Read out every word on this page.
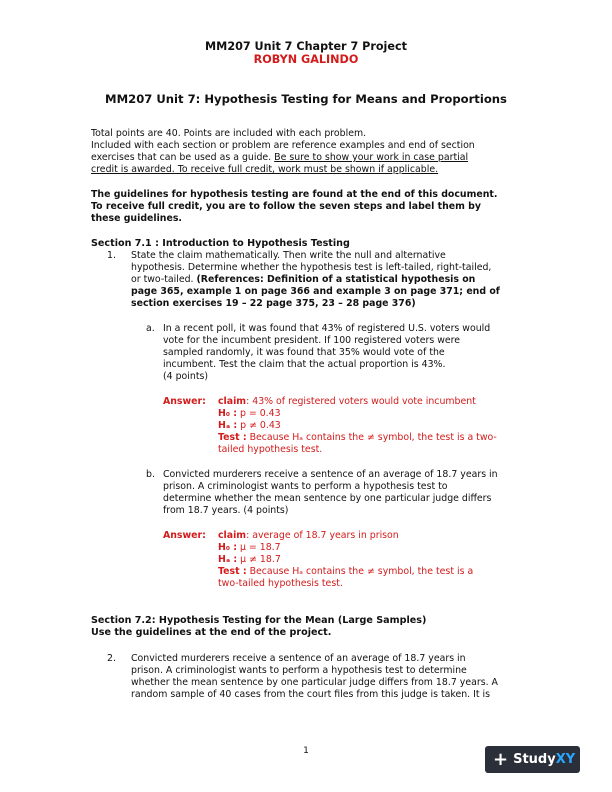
MM207 Unit 7 Chapter 7 Project
ROBYN GALINDO
MM207 Unit 7: Hypothesis Testing for Means and Proportions
Total points are 40. Points are included with each problem.
Included with each section or problem are reference examples and end of section
exercises that can be used as a guide. Be sure to show your work in case partial
credit is awarded. To receive full credit, work must be shown if applicable.
The guidelines for hypothesis testing are found at the end of this document.
To receive full credit, you are to follow the seven steps and label them by
these guidelines.
Section 7.1 : Introduction to Hypothesis Testing
1. State the claim mathematically. Then write the null and alternative
hypothesis. Determine whether the hypothesis test is left-tailed, right-tailed,
or two-tailed. (References: Definition of a statistical hypothesis on
page 365, example 1 on page 366 and example 3 on page 371; end of
section exercises 19 – 22 page 375, 23 – 28 page 376)
a. In a recent poll, it was found that 43% of registered U.S. voters would
vote for the incumbent president. If 100 registered voters were
sampled randomly, it was found that 35% would vote of the
incumbent. Test the claim that the actual proportion is 43%.
(4 points)
Answer: claim: 43% of registered voters would vote incumbent
H₀ : p = 0.43
Hₐ : p ≠ 0.43
Test : Because Hₐ contains the ≠ symbol, the test is a two-
tailed hypothesis test.
b. Convicted murderers receive a sentence of an average of 18.7 years in
prison. A criminologist wants to perform a hypothesis test to
determine whether the mean sentence by one particular judge differs
from 18.7 years. (4 points)
Answer: claim: average of 18.7 years in prison
H₀ : μ = 18.7
Hₐ : μ ≠ 18.7
Test : Because Hₐ contains the ≠ symbol, the test is a
two-tailed hypothesis test.
Section 7.2: Hypothesis Testing for the Mean (Large Samples)
Use the guidelines at the end of the project.
2. Convicted murderers receive a sentence of an average of 18.7 years in
prison. A criminologist wants to perform a hypothesis test to determine
whether the mean sentence by one particular judge differs from 18.7 years. A
random sample of 40 cases from the court files from this judge is taken. It is
1	+ Study XY
